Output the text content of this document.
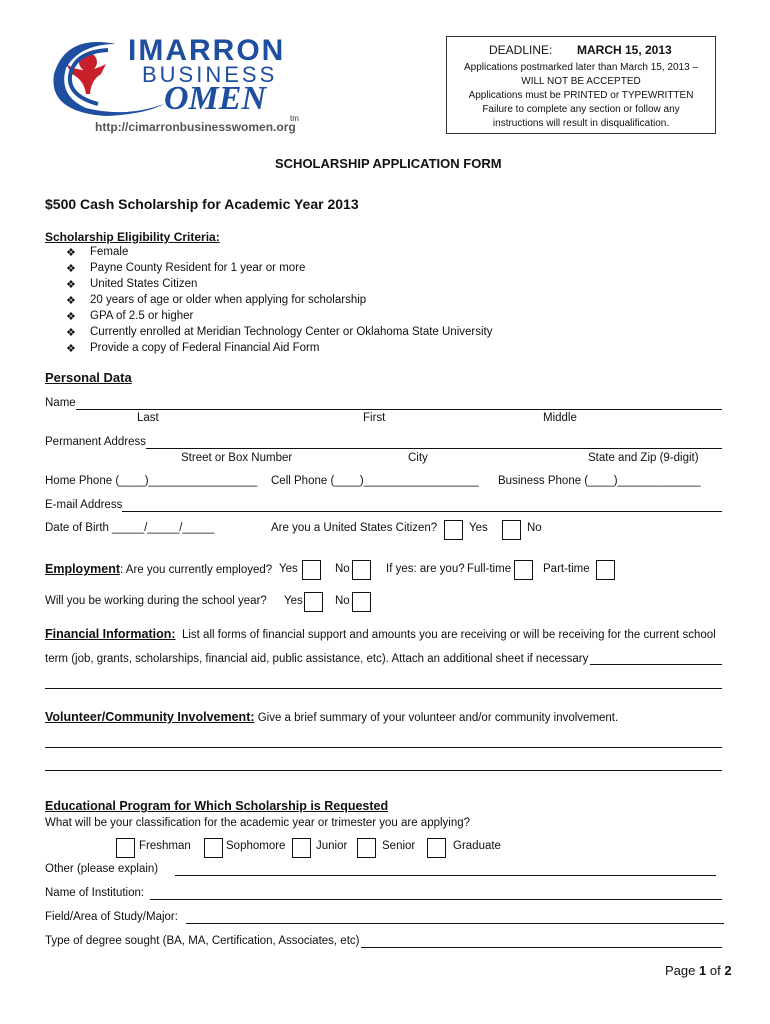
IMARRON
BUSINESS
OMEN
tm
http://cimarronbusinesswomen.org
DEADLINE: MARCH 15, 2013
Applications postmarked later than March 15, 2013 –
WILL NOT BE ACCEPTED
Applications must be PRINTED or TYPEWRITTEN
Failure to complete any section or follow any
instructions will result in disqualification.
SCHOLARSHIP APPLICATION FORM
$500 Cash Scholarship for Academic Year 2013
Scholarship Eligibility Criteria:
❖ Female
❖ Payne County Resident for 1 year or more
❖ United States Citizen
❖ 20 years of age or older when applying for scholarship
❖ GPA of 2.5 or higher
❖ Currently enrolled at Meridian Technology Center or Oklahoma State University
❖ Provide a copy of Federal Financial Aid Form
Personal Data
Name
Last	First	Middle
Permanent Address
Street or Box Number	City	State and Zip (9-digit)
Home Phone (____)_________________ Cell Phone (____)__________________ Business Phone (____)_____________
E-mail Address
Date of Birth _____/_____/_____	Are you a United States Citizen?	Yes	No
Employment: Are you currently employed? Yes	No	If yes: are you? Full-time	Part-time
Will you be working during the school year? Yes	No
Financial Information: List all forms of financial support and amounts you are receiving or will be receiving for the current school
term (job, grants, scholarships, financial aid, public assistance, etc). Attach an additional sheet if necessary
Volunteer/Community Involvement: Give a brief summary of your volunteer and/or community involvement.
Educational Program for Which Scholarship is Requested
What will be your classification for the academic year or trimester you are applying?
Freshman	Sophomore	Junior	Senior	Graduate
Other (please explain)
Name of Institution:
Field/Area of Study/Major:
Type of degree sought (BA, MA, Certification, Associates, etc)
Page 1 of 2
